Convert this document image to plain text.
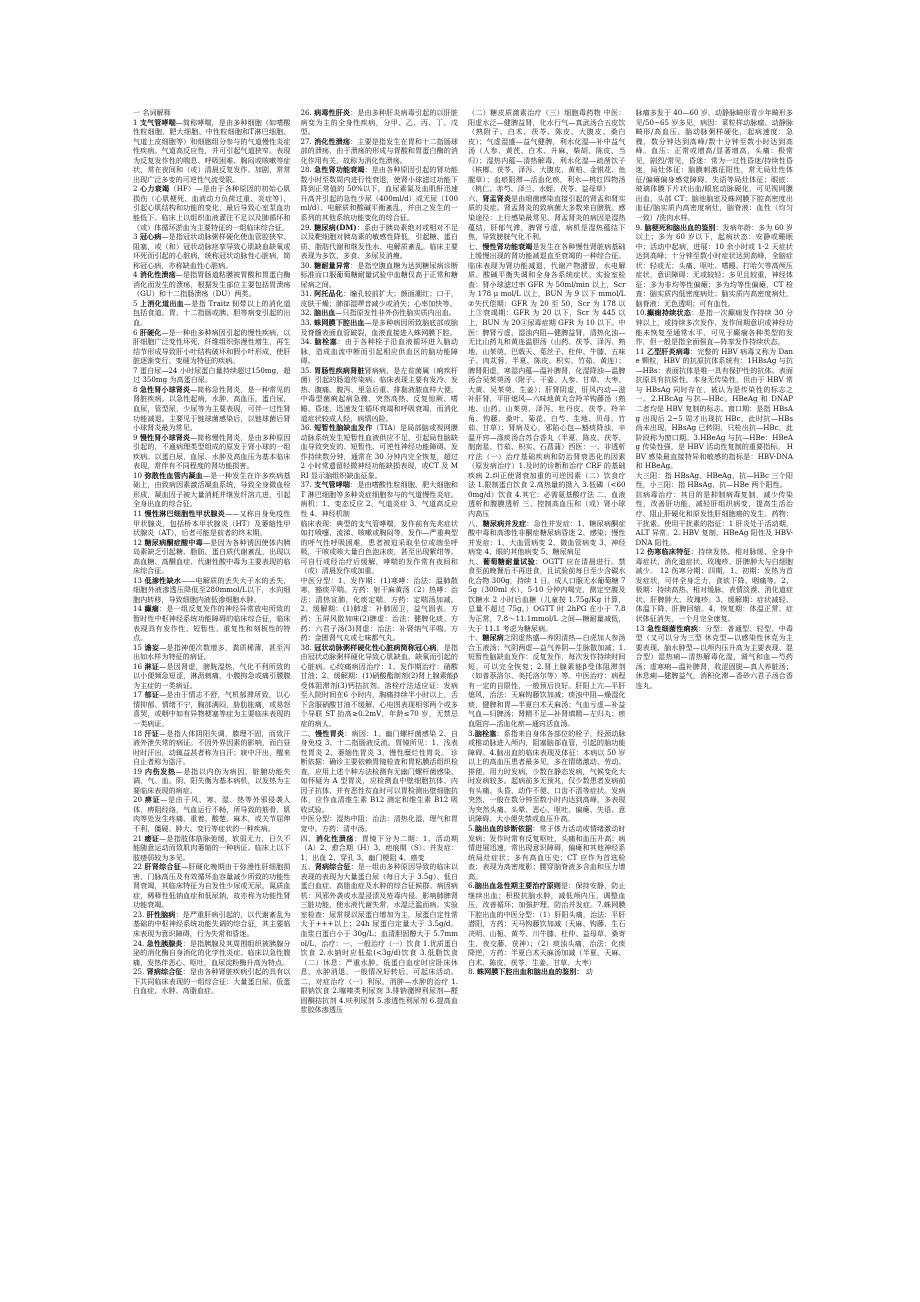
一 名词解释

1 支气管哮喘—简称哮喘，是由多种细胞（如嗜酸性粒细胞、肥大细胞、中性粒细胞和T淋巴细胞、气道上皮细胞等）和细胞组分参与的气道慢性炎症性疾病。气道高反应性，并可引起气道狭窄。表现为反复发作性的喘息、呼吸困难、胸闷或咳嗽等症状，常在夜间和（或）清晨反复发作、加剧，常常出现广泛多变的可逆性气流受限。

2 心力衰竭（HF）—是由于各种原因的初始心肌损伤（心肌梗死、血液动力负荷过重、炎症等），引起心肌结构和功能的变化，最后导致心室泵血功能低下。临床上以组织血液灌注不足以及肺循环和（或）体循环淤血为主要特征的一组临床综合征。

3 冠心病—是指冠状动脉粥样硬化使血管腔狭窄、阻塞，或（和）冠状动脉痉挛导致心肌缺血缺氧或坏死而引起的心脏病，统称冠状动脉性心脏病，简称冠心病，亦称缺血性心脏病。

4 消化性溃疡—是指胃肠道粘膜被胃酸和胃蛋白酶消化而发生的溃疡，根据发生部位主要包括胃溃疡（GU）和十二指肠溃疡（DU）两类。

5 上消化道出血—是指 Traitz 韧带以上的消化道包括食道、胃、十二指肠或胰、胆等病变引起的出血。

6 肝硬化—是一种由多种病因引起的慢性疾病，以肝细胞广泛变性坏死，纤维组织弥漫性增生，再生结节形成导致肝小叶结构破坏和假小叶形成，使肝脏逐渐变行、变硬为特征的疾病。

7 蛋白尿—24 小时尿蛋白量持续超过150mg，超过 350mg 为高蛋白尿。

8 急性肾小球肾炎—简称急性肾炎，是一种常见的肾脏疾病。以急性起病，水肿，高血压，蛋白尿，血尿，管型尿，少尿等为主要表现，可伴一过性肾功能减退。主要见于链球菌感染后，以链球菌后肾小球肾炎最为常见。

9 慢性肾小球肾炎—简称慢性肾炎，是由多种原因引起的，不通病理类型组成的原发于肾小球的一组疾病。以蛋白尿、血尿、水肿及高血压为基本临床表现，常伴有不同程度的肾功能损害。

10 弥散性血管内凝血—是一种发生在许多疾病基础上，由致病因素激活凝血系统，导致全身微血栓形成，凝血因子被大量消耗并继发纤溶亢进，引起全身出血的综合征。

11 慢性淋巴细胞性甲状腺炎——又称自身免疫性甲状腺炎，包括桥本甲状腺炎（HT）及萎缩性甲状腺炎（AT），后者可能是前者的终末期。

12 糖尿病酮症酸中毒—是因为各种诱因使体内胰岛素缺乏引起糖、脂肪、蛋白质代谢紊乱，出现以高血糖、高酮血症、代谢性酸中毒为主要表现的临床综合征。

13 低渗性缺水——电解质的丢失大于水的丢失，细胞外液渗透压降低至280mmol/L以下，水向细胞内转移，导致细胞内液低渗细胞水肿。

14 癫痫：是一组反复发作的神经异常放电所致的暂时性中枢神经系统功能障碍的临床综合征，临床表现具有发作性、短暂性、重复性和刻板性的特点。

15 谵妄—是指神便次数增多，粪质稀薄，甚至泻出如水样为特征的病证。

16 淋证—是因肾虚，膀胱湿热，气化不利所致的以小便频急短涩，淋沥刺痛，小腹拘急或痛引腰腹为主症的一类病证。

17 郁证—是由于情志不舒，气机郁滞所致，以心情抑郁、情绪不宁，胸部满闷，胁肋胀痛，或易怒喜哭，或咽中如有异物梗塞等症为主要临床表现的一类病证。

18 汗证—是指人体阴阳失调，腠理不固，而致汗液外泄失常的病证。不因外界因素的影响，而白昼时时汗出，动辄益甚者称为自汗；寐中汗出，醒来自止者称为盗汗。

19 内伤发热—是指以内伤为病因，脏腑功能失调，气、血、阴、阳失衡为基本病机，以发热为主要临床表现的病症。

20 痹证—是由于风、寒、湿、热等外邪侵袭人体，痹阻经络，气血运行不畅，所导致的筋骨、肌肉等处发生疼痛、重着、酸楚、麻木，或关节屈伸不利，僵硬、肿大、变行等症状的一种疾病。

21 痿证—是指肢体筋脉弛缓，软弱无力，日久不能随意运动而致肌肉萎缩的一种病证。临床上以下肢痿弱较为多见。

22 肝肾综合征—肝硬化晚期由于弥漫性肝细胞损害、门脉高压及有效循环血容量减少所致的功能性肾衰竭，其临床特征为自发性少尿或无尿，氮质血症，稀释性低钠血症和低尿钠，故亦称为功能性肾功能衰竭。

23. 肝性脑病：是严重肝病引起的，以代谢紊乱为基础的中枢神经系统功能失调的综合征，其主要临床表现为意识障碍，行为失常和昏迷。

24. 急性胰腺炎：是指胰腺及其周围组织被胰腺分泌的消化酶自身消化的化学性炎症。临床以急性腹痛，发热伴恶心、呕吐，血尿淀粉酶升高为特点。

25. 肾病综合征：是由各种肾脏疾病引起的具有以下共同临床表现的一组综合征：大量蛋白尿、低蛋白血症、水肿、高脂血症。

26. 病毒性肝炎：是由多种肝炎病毒引起的以肝脏病变为主的全身性疾病，分甲、乙、丙、丁、戊型。

27. 消化性溃疡：主要是指发生在胃和十二指肠球部的溃疡，由于溃疡的形成与胃酸和胃蛋白酶的消化作用有关，故称为消化性溃疡。

28. 急性肾功能衰竭：是由各种原因引起的肾功能数小时至数周内进行性衰退，使肾小球滤过功能下降到正常值的 50%以下，血尿素氮及血肌酐迅速升高并引起的急性少尿（400ml/d）或无尿（100ml/d）、电解质和酸碱平衡紊乱，并由之发生的一系列的其他系统功能变化的综合征。

29. 糖尿病(DM)：系由于胰岛素绝对或相对不足以及靶细胞对胰岛素的敏感性降低，引起糖、蛋白质、脂肪代谢和继发性水、电解质紊乱。临床主要表现为多饮、多食、多尿及消瘦。

30. 糖耐量异常：是指空腹血糖为达到糖尿病诊断标准而口服葡萄糖耐量试验中血糖仅高于正常和糖尿病之间。

31. 阿托品化：瞳孔较前扩大；颜面潮红；口干，皮肤干燥；肺部湿啰音减少或消失；心率加快等。

32. 脑出血—只指原发性非外伤性脑实质内出血。

33. 蛛网膜下腔出血—是多种病因所致脑底部或脑及脊髓表面血管破裂，血液直接进入蛛网膜下腔。

34. 脑栓塞：由于各种栓子沿血液循环进入脑动脉，造成血流中断而引起相应供血区的脑功能障碍。

35. 胃肠性疾病肾脏肾病病，是左贫菌属（痢疾杆菌）引起的肠道传染病。临床表现主要有发冷、发热、腹痛、腹泻、里急后重、排黏液脓血样大便。中毒型菌痢起病急骤、突然高热、反复惊厥、嗜睡、昏迷，迅速发生循环衰竭和呼吸衰竭，而消化道症状较成人轻，病情凶险。

36. 短暂性脑缺血发作（TIA）是局部脑或视网膜动脉系统发生短暂性血液供应不足，引起局性脑缺血导致突发的、短暂性、可逆性神经功能障碍。发作持续数分钟，通常在 30 分钟内完全恢复，超过 2 小时常遗留轻微神经功能缺损表现，或CT 及 MRI 显示脑组织缺血征象。

37. 支气管哮喘：是由嗜酸性粒细胞、肥大细胞和 T 淋巴细胞等多种炎症细胞参与的气道慢性炎症。 病机：1、变态反应 2、气道炎症 3、气道高反应性 4、神经机制

临床表现：典型的支气管哮喘，发作前有先兆症状如打喷嚏、流涕、咳嗽或胸闷等，发作—严重典型的呼气性呼吸困难，患者被迫采取坐位或端坐呼吸，干咳或咳大量白色泡沫痰，甚至出现紫绀等。可自行或经治疗后缓解，哮喘的发作常有夜间和（或）清晨发作或加重。

中医分型：1、发作期：(1)寒哮：治法：温肺散寒，豁痰平喘。方药：射干麻黄汤（2）热哮：治法：清热宣肺，化痰定喘。方药：定喘汤加减。2、缓解期：(1)肺虚：补肺固卫，益气固表。方药：玉屏风散加味(2)脾虚：治法：健脾化痰。方药：六君子汤(3)肾虚：治法：补肾纳气平喘。方药：金匮肾气丸或七味都气丸。

38. 冠状动脉粥样硬化性心脏病简称冠心病，是指由冠状动脉粥样硬化导致心肌缺血、缺氧而引起的心脏病。心绞痛病因治疗：1、发作期治疗：硝酸甘油；2、缓解期：(1)硝酸酯制剂(2)肾上腺素能β受体阻滞剂(3)钙拮抗剂。溶栓疗法适应证：发病至入院时间在6 小时内，胸痛持续半小时以上，舌下含服硝酸甘油不缓解，心电图表现相邻两个或多个导联 ST 抬高≥0.2mV，年龄≤70 岁，无禁忌症的病人。

二、慢性胃炎：病因：1、幽门螺杆菌感染 2、自身免疫 3、十二指肠液反流。胃镜所见：1、浅表性胃炎 2、萎缩性胃炎 3、慢性糜烂性胃炎。 诊断依据：确诊主要依赖胃镜检查和胃粘膜活组织检查，应用上述个种方法检测有无幽门螺杆菌感染，如怀疑为 A 型胃炎，应检测血中壁细胞抗体、内因子抗体、并有恶性贫血时可以胃检测出壁细胞抗体，应作血清维生素 B12 测定和维生素 B12 吸收试验。

中医分型：湿热中阻：治法：清热化湿，理气和胃宽中。方药：清中汤。

四、消化性溃疡：胃镜下分为二期：1、活动期（A）2、愈合期（H）3、疤痕期（S）；并发症：1、出血 2、穿孔 3、幽门梗阻 4、癌变

五、肾病综合征：是一组由多种原因导致的临床以表现的表现为大量蛋白尿（每日大于 3.5g）、低白蛋白血症、高脂血症及水肿的综合征候群。病因病机：风邪外袭或水湿浸渍及疮毒内侵。影响肺脾肾三脏功能，使水液代谢失常，水湿泛滥而病。实验室检查：尿常规以尿蛋白增加为主，尿蛋白定性常大于+++以上；24h 尿蛋白定量大于 3.5g/d。血浆白蛋白小于 30g/L；血清胆固醇大于 5.7mmol/L，治疗：一、一般治疗（一）饮食 1.优质蛋白饮食 2.水钠时应低盐(<3g/d)饮食 3.低脂饮食（二）休息：严重水肿、低蛋白血症时应卧床休息，水肿消退、一般情况好转后，可起床活动。二、对症治疗（一）利尿，消肿—水肿的治疗 1.限钠饮食 2.噻嗪类利尿剂 3.排钠潴钾利尿剂—醛固酮拮抗剂 4.呋利尿剂 5.渗透性利尿剂 6.提高血浆胶体渗透压

（二）糖皮质激素治疗（三）细胞毒药物 中医：阳虚水泛—健脾益肾，化水行气—真武汤合五皮饮（熟附子、白术、茯苓、陈皮、大腹皮、桑白皮）；气虚湿盛—益气健脾，利水化湿—补中益气汤（人参、黄芪、白术、升麻、柴胡、陈皮、当归）；湿热内蕴—清热解毒，利水化湿—疏凿饮子（槟榔、茯苓、泽泻、大腹皮、黄柏、金银花、鱼腥草）；血瘀阻滞—活血化瘀，利水—桃红四物汤（桃仁、赤芍、泽兰、水蛭、茯苓、益母草）

六、肾盂肾炎是由细菌感染直接引起的肾盂和肾实质的炎症。肾盂肾炎的致病菌大多数来自膀胱。感染途径：上行感染最常见、肾盂肾炎的病因是湿热蕴结，肝郁气滞，脾肾亏虚，病机是湿热蕴结下焦，导致膀胱气化不利。

七、慢性肾功能衰竭是发生在各种慢性肾脏病基础上缓慢出现的肾功能减退直至衰竭的一种综合征。临床表现为肾功能减退，代谢产物潴留，水电解质、酸碱平衡失调和全身各系统症状。实验室检查：肾小球滤过率 GFR 为 50ml/min 以上，Scr 为 178 μ mol/L 以上，BUN 为 9 以下 mmol/L②失代偿期：GFR 为 20 至 50，Scr 为 178 以上③衰竭期：GFR 为 20 以下，Scr 为 445 以上，BUN 为 20④尿毒症期 GFR 为 10 以下。中医：脾肾亏虚，湿浊内阻—健脾益肾，清热化浊—无比山药丸和黄连温胆汤（山药、茯苓、泽泻、熟地、山茱萸、巴戟天、菟丝子、杜仲、牛膝、五味子、肉苁蓉、半夏、陈皮、枳实、竹茹、黄连）；脾肾阳虚，寒湿内蕴—温补脾肾，化湿降浊—温脾汤合吴茱萸汤（附子、干姜、人参、甘草、大枣、大黄、吴茱萸、生姜）；肝肾阴虚，肝风内动—滋补肝肾，平肝熄风—六味地黄丸合羚羊钩藤汤（熟地、山药、山茱萸、泽泻、牡丹皮、茯苓、羚羊角、钩藤、桑叶、菊花、白芍、生地、贝母、竹茹、甘草）；肾病及心，邪陷心包—豁痰降浊，辛温开窍—涤痰汤合苏合香丸（半夏、陈皮、茯苓、制南星、竹茹、枳实、石菖蒲）西医：一、非透析疗法（一）治疗基础疾病和防治肾衰恶化的因素（原发病治疗）1.及时的诊断和治疗 CRF 的基础疾病 2.纠正使肾衰加重的可逆因素（二）饮食疗法 1.限制蛋白饮食 2.高热量的摄入 3.低磷（<600mg/d）饮食 4.其它：必需氨基酸疗法 二、血液透析和腹膜透析 三、控制高血压和（或）肾小球内高压

八、糖尿病并发症：急性并发症：1、糖尿病酮症酸中毒和高渗性非酮症糖尿病昏迷 2、感染；慢性并发症：1、大血管病变 2、微血管病变 3、神经病变 4、眼的其他病变 5、糖尿病足

九、葡萄糖耐量试验：OGTT 应在清晨进行。禁食至前晚餐后不再进食，且试验前每日至少含碳水化合物 300g，持续 1 日。成人口服无水葡萄糖 75g（300ml 水），5-10 分钟内喝完，测定空腹及饮糖水 2 小时后血糖（儿童按 1.75g/Kg 计算，总量不超过 75g。）OGTT 时 2hPG 在小于 7.8 为正常，7.8～11.1mmol/L 之间—糖耐量减低，大于 11.1 考虑为糖尿病。

十、糖尿病之阴虚热盛—养阴清热—白虎加人参汤合玉液汤；气阴两虚—益气养阴—生脉散加减；1.短暂性脑缺血发作：反复发作，每次发作持续时间短，可以完全恢复；2.肾上腺素能β受体阻滞剂（如普萘洛尔、美托洛尔等）等。中医治疗：病程有一定的自限性，一般预后良好。肝阳上亢—平肝熄风，治法：天麻钩藤饮加减；痰浊中阻—燥湿化痰，健脾和胃—半夏白术天麻汤；气血亏虚—补益气血—归脾汤；肾精不足—补肾填精—左归丸；瘀血阻窍—活血化瘀—通窍活血汤。

3.脑栓塞：系指来自身体各部位的栓子，经颈动脉或椎动脉进入颅内，阻塞脑部血管，引起的脑功能障碍。4.脑出血的临床表现及体征：本病以 50 岁以上的高血压患者最多见，多在情绪激动、劳动、排便、用力时发病，少数在静态发病，气候变化大时发病较多。起病前多无预兆，仅少数患者发病前有头痛、头昏、动作不便、口齿不清等症状。发病突然，一般在数分钟至数小时内达到高峰，多表现为突然头痛、头晕、恶心、呕吐、偏瘫、失语、意识障碍、大小便失禁或血压升高。

5.脑出血的诊断依据：常于体力活动或情绪激动时发病；发作时常有反复呕吐，头痛和血压升高；病情进展迅速，常出现意识障碍，偏瘫和其他神经系统局灶症状；多有高血压史；CT 应作为首选检查；表现为高密度影；腰穿脑脊液多含血和压力增高。

6.脑出血急性期主要治疗原则是：保持安静，防止继续出血；积极抗脑水肿，减低颅内压，调整血压，改善循环；加强护理，防治并发症。7.蛛网膜下腔出血的中医分型：（1）肝阳头痛，治法：平肝潜阳，方药：天马钩藤饮加减（天麻、钩藤、生石决明、山栀、黄芩、川牛膝、杜仲、益母草、桑寄生、夜交藤、茯神）；（2）痰浊头痛，治法：化痰降逆，方药：半夏白术天麻汤加减（半夏、天麻、白术、陈皮、茯苓、生姜、甘草、大枣）

8. 蛛网膜下腔出血和脑出血的鉴别： 动

脉瘤多发于 40—60 岁，动静脉畸形青少年畸形多见/50~65 岁多见，病因：菜粒样动脉瘤、动静脉畸形/高血压、脑动脉粥样硬化，起病速度：急骤，数分钟达到高峰/数十分钟至数小时达到高峰。血压：正常或增高/显著增高，头痛：极常见，剧烈/常见，昏迷：常为一过性昏迷/持续性昏迷，局灶体征：脑膜刺激征阳性，常无局灶性体征/偏瘫偏身感觉障碍、失语等局灶体征；眼底：玻璃体膜下片状出血/眼底动脉硬化，可见视网膜出血，头部 CT：脑池脑室及蛛网膜下腔高密度出血征/脑实质内高密度病灶，脑脊液：血性（均匀一致）/洗肉水样。

9. 脑梗死和脑出血的鉴别：发病年龄：多为 60 岁以上；多为 60 岁以下，起病状态：安静或睡眠中；活动中起病，进展：10 余小时或 1-2 天症状达到高峰；十分钟至数小时症状达到高峰，全脑症状：轻或无；头痛、呕吐、嗜睡、打哈欠等高颅压症状，意识障碍：无或较轻；多见且较重，神经体征：多为非均等性偏瘫；多为均等性偏瘫，CT 检查：脑实质内低密度病灶；脑实质内高密度病灶，脑脊液：无色透明；可有血性。

10.癫痫持续状态：是指一次癫痫发作持续 30 分钟以上，或持续多次发作，发作间期意识或神经功能未恢复至通常水平，可见于癫痫各种类型的发作，但一般是指全面强直—阵挛发作持续状态。

11 乙型肝炎病毒：完整的 HBV 病毒又称为 Dane 颗粒，HBV 的抗原抗体系统有：1HBsAg 与抗—HBs：表面抗体是唯一具有保护性的抗体。表面抗原具有抗原性，本身无传染性，但由于 HBV 常与 HBsAg 同时存在，被认为是传染性的标志之一。2.HBcAg 与抗—HBc。HBeAg 和 DNAP 二者均是 HBV 复制的标志。窗口期：是指 HBsAg 出现后 2~5 周才出现抗 HBc，此时抗—HBs 尚未出现，HBsAg 已转阴，只检出抗—HBc，此阶段称为窗口期。3.HBeAg 与抗—HBe：HBeAg 传染性强，是 HBV 活动性复制的重要指标。 HBV 感染最直接特异和敏感的指标是：HBV-DNA 和 HBeAg。

大三阳：指 HBsAg、HBeAg、抗—HBc 三个阳性，小三阳：指 HBsAg、抗—HBe 两个阳性。

抗病毒治疗：其目的是抑制病毒复制，减少传染性，改善肝功能，减轻肝组织病变，提高生活治疗、阻止肝硬化和原发性肝细胞癌的发生。药物：干扰素。使用干扰素的指征：1 肝炎处于活动期，ALT 异常。2. HBV 复制，HBeAg 阳性及 HBV-DNA 阳性。

12 伤寒临床特征：持续发热、相对脉缓、全身中毒症状、消化道症状、玫瑰疹、肝脾肿大与白细胞减少。 12 伤寒分期：四期，1、初期：发热为首发症状，可伴全身乏力，食欲下降、咽痛等。2、极期：持续高热、相对缓脉、表情淡漠、消化道症状、肝脾肿大、玫瑰疹。3、缓解期：症状减轻、体温下降、肝脾回缩。4、恢复期：体温正常、症状体征消失，一个月完全康复。

13 急性细菌性痢疾：分型：普通型、轻型、中毒型（又可以分为三型 休克型—以感染性休克为主要表现、脑水肿型—以颅内压升高为主要表现、混合型）湿热痢—清热解毒化湿，调气和血—芍药汤；虚寒痢—温补脾肾，收涩固脱—真人养脏汤；休息痢—健脾益气，消积化滞—香砂六君子汤合香连丸。
